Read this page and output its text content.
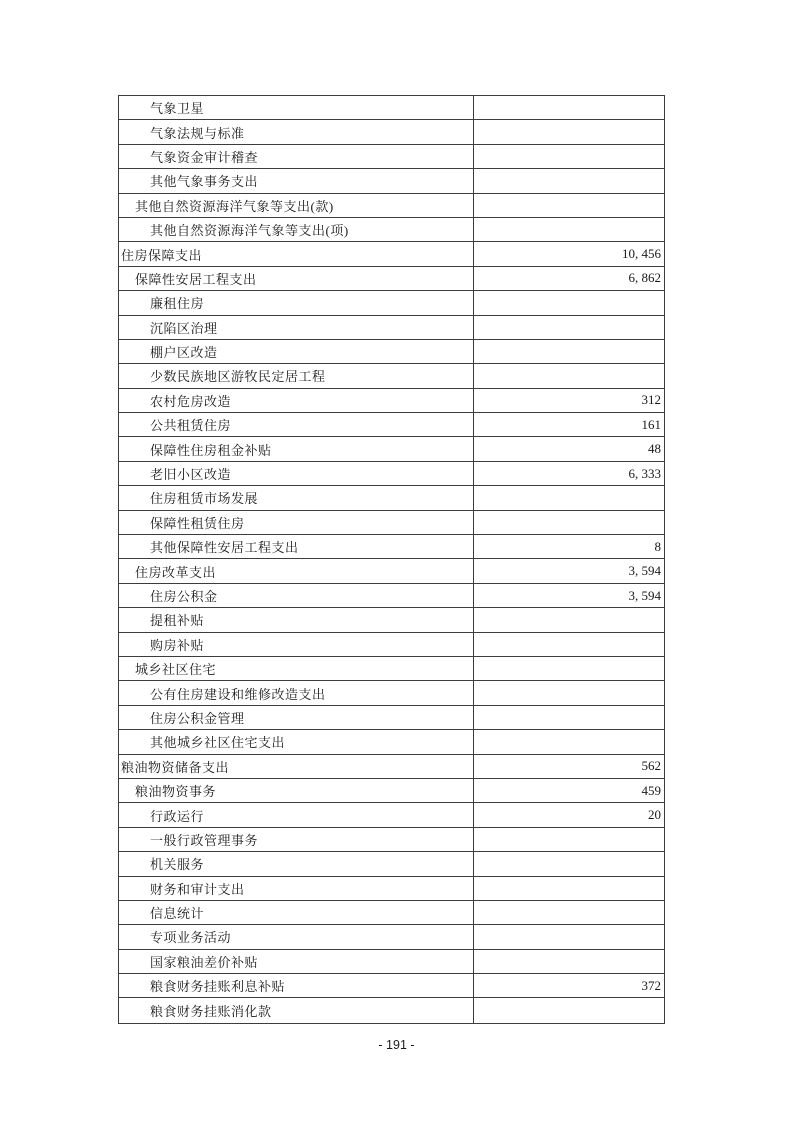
气象卫星
气象法规与标准
气象资金审计稽查
其他气象事务支出
其他自然资源海洋气象等支出(款)
其他自然资源海洋气象等支出(项)
住房保障支出	10, 456
保障性安居工程支出	6, 862
廉租住房
沉陷区治理
棚户区改造
少数民族地区游牧民定居工程
农村危房改造	312
公共租赁住房	161
保障性住房租金补贴	48
老旧小区改造	6, 333
住房租赁市场发展
保障性租赁住房
其他保障性安居工程支出	8
住房改革支出	3, 594
住房公积金	3, 594
提租补贴
购房补贴
城乡社区住宅
公有住房建设和维修改造支出
住房公积金管理
其他城乡社区住宅支出
粮油物资储备支出	562
粮油物资事务	459
行政运行	20
一般行政管理事务
机关服务
财务和审计支出
信息统计
专项业务活动
国家粮油差价补贴
粮食财务挂账利息补贴	372
粮食财务挂账消化款
- 191 -
